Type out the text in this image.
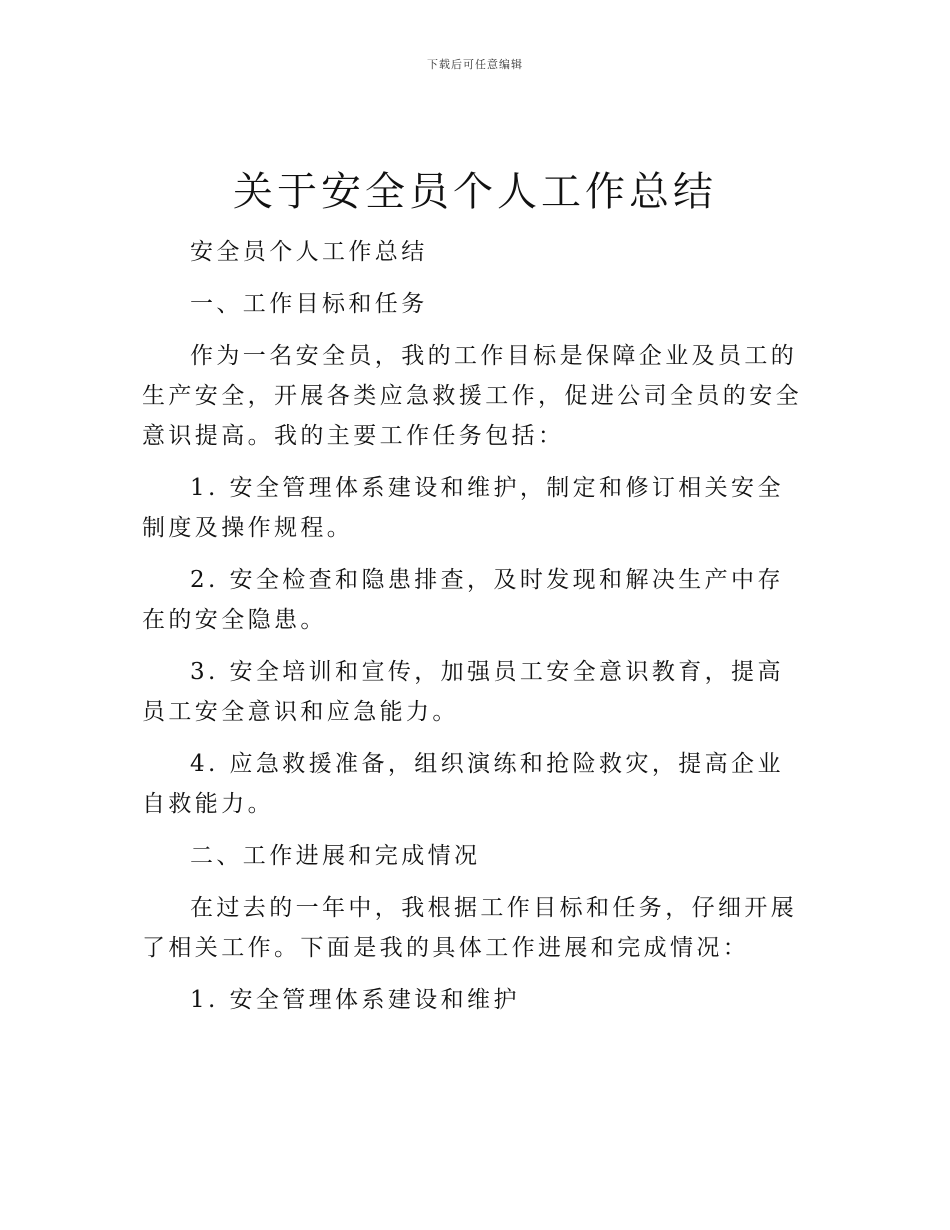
下载后可任意编辑
关于安全员个人工作总结

安全员个人工作总结

一、工作目标和任务

作为一名安全员，我的工作目标是保障企业及员工的生产安全，开展各类应急救援工作，促进公司全员的安全意识提高。我的主要工作任务包括：

1. 安全管理体系建设和维护，制定和修订相关安全制度及操作规程。

2. 安全检查和隐患排查，及时发现和解决生产中存在的安全隐患。

3. 安全培训和宣传，加强员工安全意识教育，提高员工安全意识和应急能力。

4. 应急救援准备，组织演练和抢险救灾，提高企业自救能力。

二、工作进展和完成情况

在过去的一年中，我根据工作目标和任务，仔细开展了相关工作。下面是我的具体工作进展和完成情况：

1. 安全管理体系建设和维护
